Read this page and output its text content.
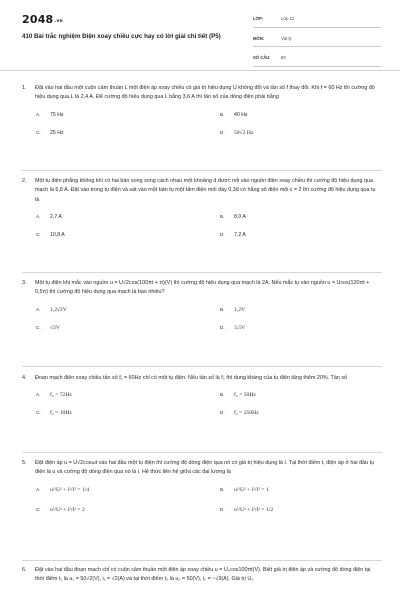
2048.vn
410 Bài trắc nghiệm Điện xoay chiều cực hay có lời giải chi tiết (P5)
LỚP:	Lớp 12
MÔN:	Vật lý
SỐ CÂU: 50
1.	Đặt vào hai đầu một cuộn cảm thuần L một điện áp xoay chiều có giá trị hiệu dụng U không đổi và tần số f thay đổi. Khi f = 60 Hz thì cường độ hiệu dụng qua L là 2,4 A. Để cường độ hiệu dụng qua L bằng 3,6 A thì tần số của dòng điện phải bằng
A. 75 Hz	B. 40 Hz
C. 25 Hz	D. 50√2 Hz
2.	Một tụ điện phẳng không khí có hai bản song song cách nhau một khoảng d được nối vào nguồn điện xoay chiều thì cường độ hiệu dụng qua mạch là 6,8 A. Đặt vào trong tụ điện và sát vào một bản tụ một tấm điện môi dày 0,3d có hằng số điện môi ε = 2 thì cường độ hiệu dụng qua tụ là
A. 2,7 A	B. 8,0 A
C. 10,8 A	D. 7,2 A
3.	Một tụ điện khi mắc vào nguồn u = U√2cos(100πt + π)(V) thì cường độ hiệu dụng qua mạch là 2A. Nếu mắc tụ vào nguồn u = Ucos(120πt + 0,5π) thì cường độ hiệu dụng qua mạch là bao nhiêu?
A. 1,2√2V	B. 1,2V
C. √2V	D. 3,5V
4.	Đoạn mạch điện xoay chiều tần số f₁ = 60Hz chỉ có một tụ điện. Nếu tần số là f₂ thì dung kháng của tụ điện tăng thêm 20%. Tần số
A. f₂ = 72Hz	B. f₂ = 50Hz
C. f₂ = 10Hz	D. f₂ = 250Hz
5.	Đặt điện áp u = U√2cosωt vào hai đầu một tụ điện thì cường độ dòng điện qua nó có giá trị hiệu dụng là I. Tại thời điểm t, điện áp ở hai đầu tụ điện là u và cường độ dòng điện qua nó là i. Hệ thức liên hệ giữa các đại lượng là
A. u²/U² + i²/I² = 1/4	B. u²/U² + i²/I² = 1
C. u²/U² + i²/I² = 2	D. u²/U² + i²/I² = 1/2
6.	Đặt vào hai đầu đoạn mạch chỉ có cuộn cảm thuần một điện áp xoay chiều u = U₀cos100πt(V). Biết giá trị điện áp và cường độ dòng điện tại thời điểm t₁ là u₁ = 50√2(V), i₁ = √2(A) và tại thời điểm t₂ là u₂ = 50(V), i₂ = −√3(A). Giá trị U₀
